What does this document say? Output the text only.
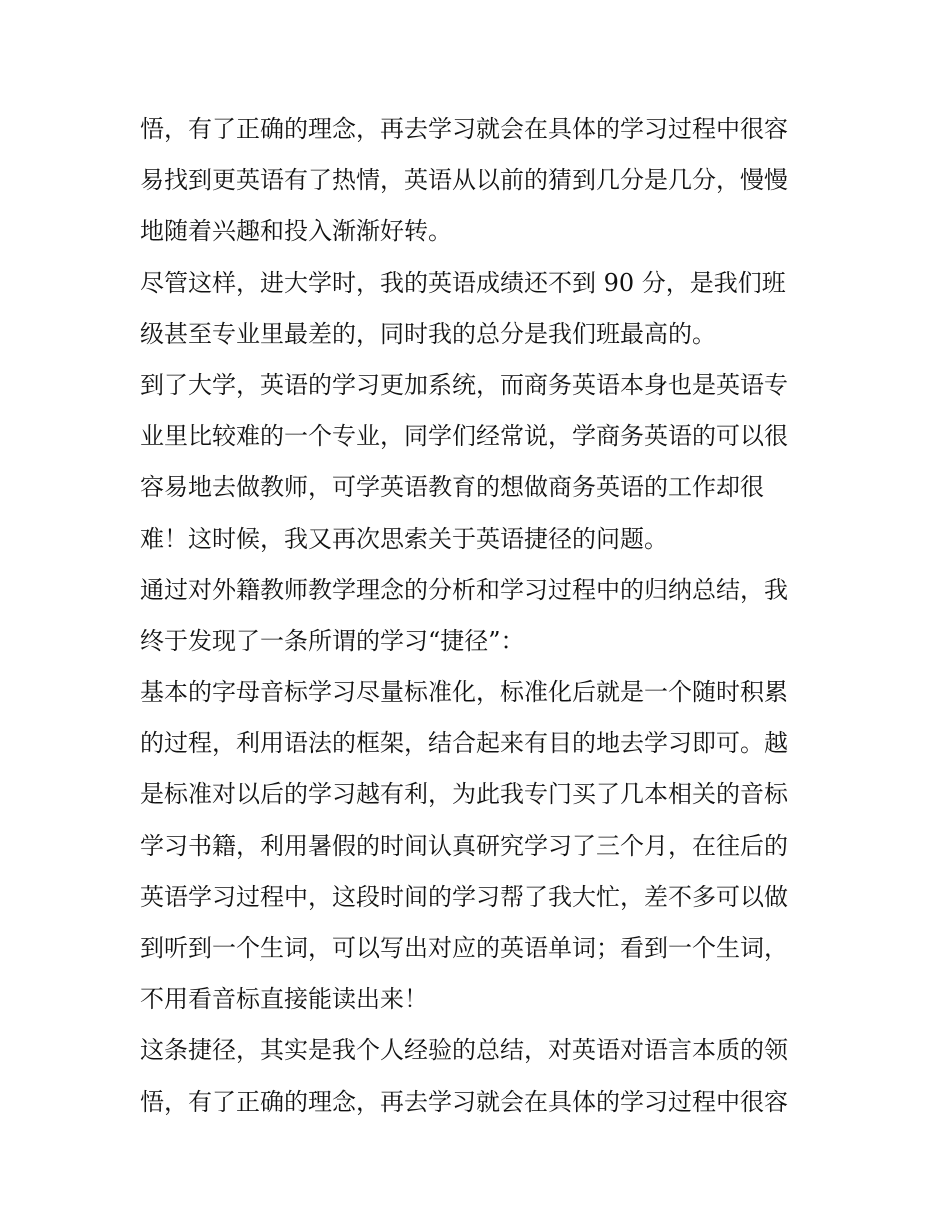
悟，有了正确的理念，再去学习就会在具体的学习过程中很容
易找到更英语有了热情，英语从以前的猜到几分是几分，慢慢
地随着兴趣和投入渐渐好转。
尽管这样，进大学时，我的英语成绩还不到 90 分，是我们班
级甚至专业里最差的，同时我的总分是我们班最高的。
到了大学，英语的学习更加系统，而商务英语本身也是英语专
业里比较难的一个专业，同学们经常说，学商务英语的可以很
容易地去做教师，可学英语教育的想做商务英语的工作却很
难！这时候，我又再次思索关于英语捷径的问题。
通过对外籍教师教学理念的分析和学习过程中的归纳总结，我
终于发现了一条所谓的学习“捷径”：
基本的字母音标学习尽量标准化，标准化后就是一个随时积累
的过程，利用语法的框架，结合起来有目的地去学习即可。越
是标准对以后的学习越有利，为此我专门买了几本相关的音标
学习书籍，利用暑假的时间认真研究学习了三个月，在往后的
英语学习过程中，这段时间的学习帮了我大忙，差不多可以做
到听到一个生词，可以写出对应的英语单词；看到一个生词，
不用看音标直接能读出来！
这条捷径，其实是我个人经验的总结，对英语对语言本质的领
悟，有了正确的理念，再去学习就会在具体的学习过程中很容
